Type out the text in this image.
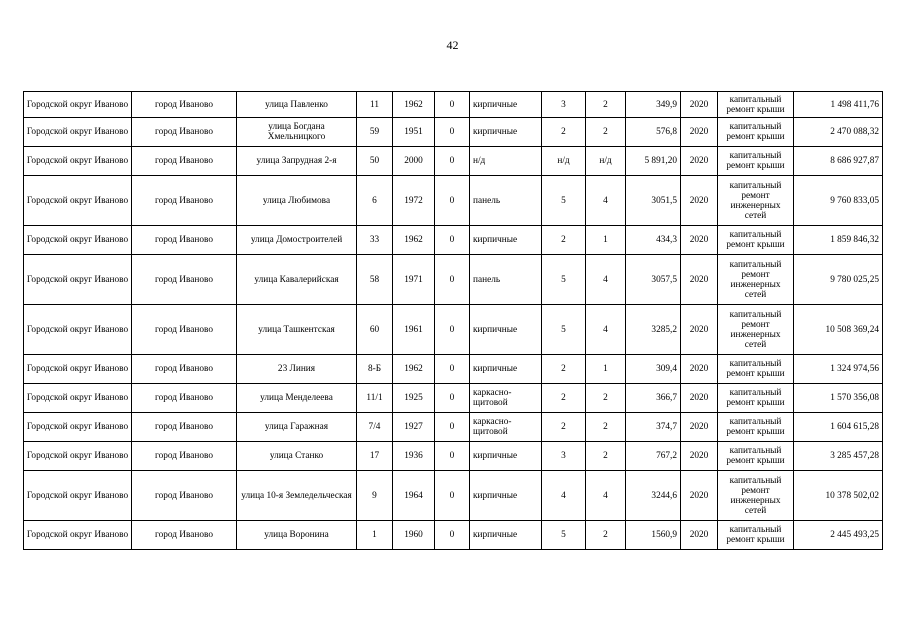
42
Городской округ Иваново	город Иваново	улица Павленко	11	1962	0	кирпичные	3	2	349,9	2020	капитальный ремонт крыши	1 498 411,76
Городской округ Иваново	город Иваново	улица Богдана Хмельницкого	59	1951	0	кирпичные	2	2	576,8	2020	капитальный ремонт крыши	2 470 088,32
Городской округ Иваново	город Иваново	улица Запрудная 2-я	50	2000	0	н/д	н/д	н/д	5 891,20	2020	капитальный ремонт крыши	8 686 927,87
Городской округ Иваново	город Иваново	улица Любимова	6	1972	0	панель	5	4	3051,5	2020	капитальный ремонт инженерных сетей	9 760 833,05
Городской округ Иваново	город Иваново	улица Домостроителей	33	1962	0	кирпичные	2	1	434,3	2020	капитальный ремонт крыши	1 859 846,32
Городской округ Иваново	город Иваново	улица Кавалерийская	58	1971	0	панель	5	4	3057,5	2020	капитальный ремонт инженерных сетей	9 780 025,25
Городской округ Иваново	город Иваново	улица Ташкентская	60	1961	0	кирпичные	5	4	3285,2	2020	капитальный ремонт инженерных сетей	10 508 369,24
Городской округ Иваново	город Иваново	23 Линия	8-Б	1962	0	кирпичные	2	1	309,4	2020	капитальный ремонт крыши	1 324 974,56
Городской округ Иваново	город Иваново	улица Менделеева	11/1	1925	0	каркасно-щитовой	2	2	366,7	2020	капитальный ремонт крыши	1 570 356,08
Городской округ Иваново	город Иваново	улица Гаражная	7/4	1927	0	каркасно-щитовой	2	2	374,7	2020	капитальный ремонт крыши	1 604 615,28
Городской округ Иваново	город Иваново	улица Станко	17	1936	0	кирпичные	3	2	767,2	2020	капитальный ремонт крыши	3 285 457,28
Городской округ Иваново	город Иваново	улица 10-я Земледельческая	9	1964	0	кирпичные	4	4	3244,6	2020	капитальный ремонт инженерных сетей	10 378 502,02
Городской округ Иваново	город Иваново	улица Воронина	1	1960	0	кирпичные	5	2	1560,9	2020	капитальный ремонт крыши	2 445 493,25
